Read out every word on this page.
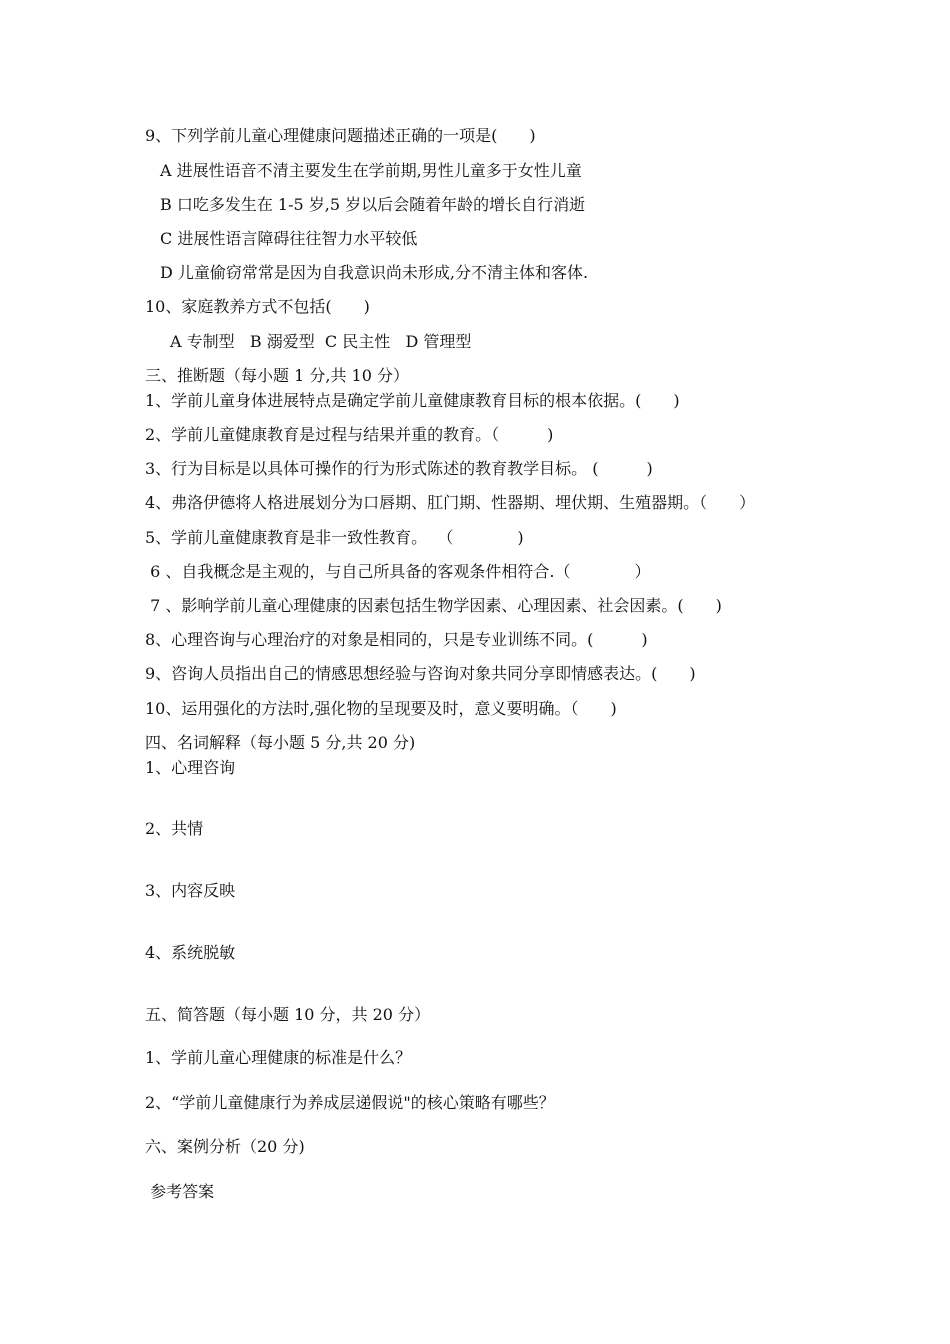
9、下列学前儿童心理健康问题描述正确的一项是(　　)
A 进展性语音不清主要发生在学前期,男性儿童多于女性儿童
B 口吃多发生在 1-5 岁,5 岁以后会随着年龄的增长自行消逝
C 进展性语言障碍往往智力水平较低
D 儿童偷窃常常是因为自我意识尚未形成,分不清主体和客体.
10、家庭教养方式不包括(　　)
A 专制型   B 溺爱型  C 民主性   D 管理型
三、推断题（每小题 1 分,共 10 分）
1、学前儿童身体进展特点是确定学前儿童健康教育目标的根本依据。(　　)
2、学前儿童健康教育是过程与结果并重的教育。（　　　)
3、行为目标是以具体可操作的行为形式陈述的教育教学目标。 (　　　)
4、弗洛伊德将人格进展划分为口唇期、肛门期、性器期、埋伏期、生殖器期。（　　）
5、学前儿童健康教育是非一致性教育。  （　　　　)
6 、自我概念是主观的，与自己所具备的客观条件相符合.（　　　　）
7 、影响学前儿童心理健康的因素包括生物学因素、心理因素、社会因素。(　　)
8、心理咨询与心理治疗的对象是相同的，只是专业训练不同。(　　　)
9、咨询人员指出自己的情感思想经验与咨询对象共同分享即情感表达。(　　)
10、运用强化的方法时,强化物的呈现要及时，意义要明确。（　　)
四、名词解释（每小题 5 分,共 20 分)
1、心理咨询
2、共情
3、内容反映
4、系统脱敏
五、简答题（每小题 10 分，共 20 分）
1、学前儿童心理健康的标准是什么？
2、“学前儿童健康行为养成层递假说"的核心策略有哪些？
六、案例分析（20 分)
参考答案
